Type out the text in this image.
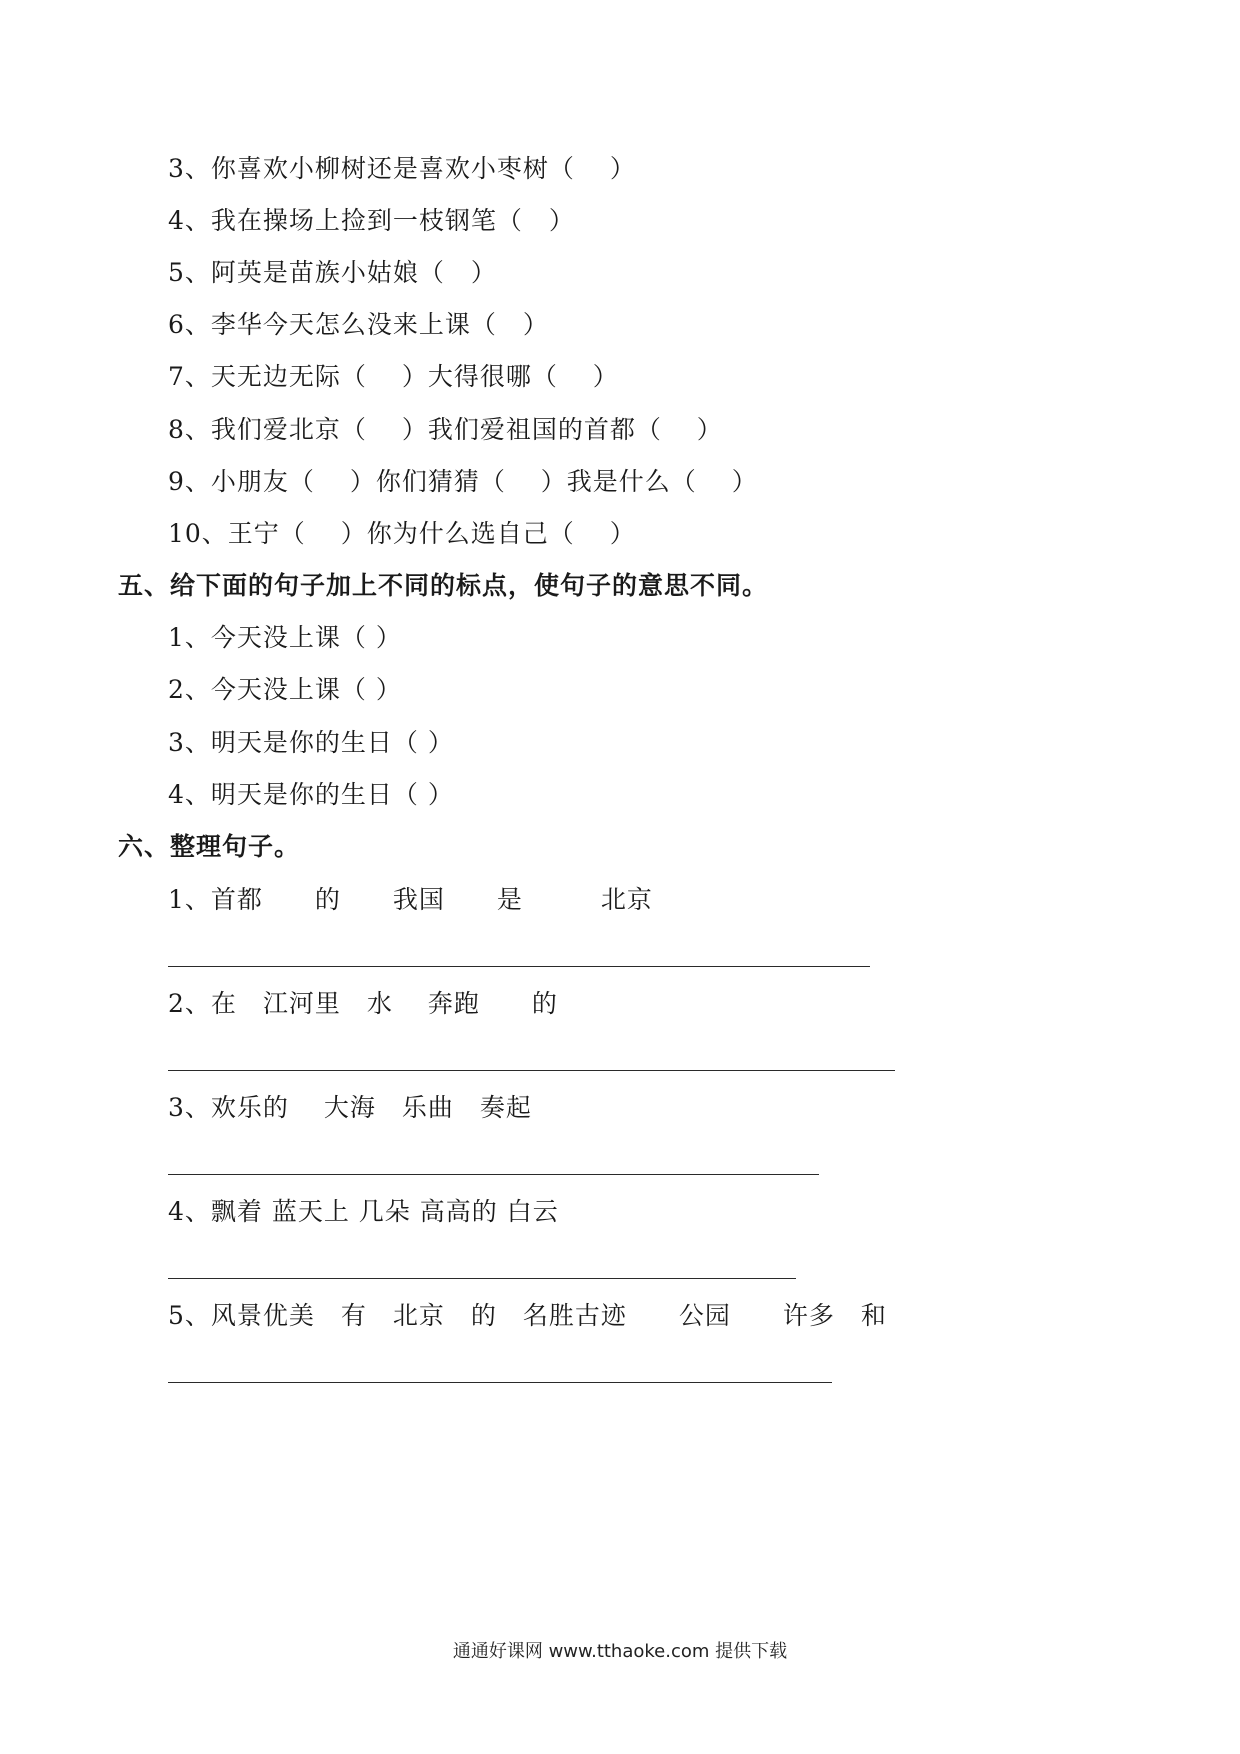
3、你喜欢小柳树还是喜欢小枣树（　 ）
4、我在操场上捡到一枝钢笔（　）
5、阿英是苗族小姑娘（　）
6、李华今天怎么没来上课（　）
7、天无边无际（　 ）大得很哪（　 ）
8、我们爱北京（　 ）我们爱祖国的首都（　 ）
9、小朋友（　 ）你们猜猜（　 ）我是什么（　 ）
10、王宁（　 ）你为什么选自己（　 ）
五、给下面的句子加上不同的标点，使句子的意思不同。
1、今天没上课（ ）
2、今天没上课（ ）
3、明天是你的生日（ ）
4、明天是你的生日（ ）
六、整理句子。
1、首都　　的　　我国　　是　　　北京
2、在　江河里　水　 奔跑　　的
3、欢乐的　 大海　乐曲　奏起
4、飘着 蓝天上 几朵 高高的 白云
5、风景优美　有　北京　的　名胜古迹　　公园　　许多　和
通通好课网 www.tthaoke.com 提供下载
